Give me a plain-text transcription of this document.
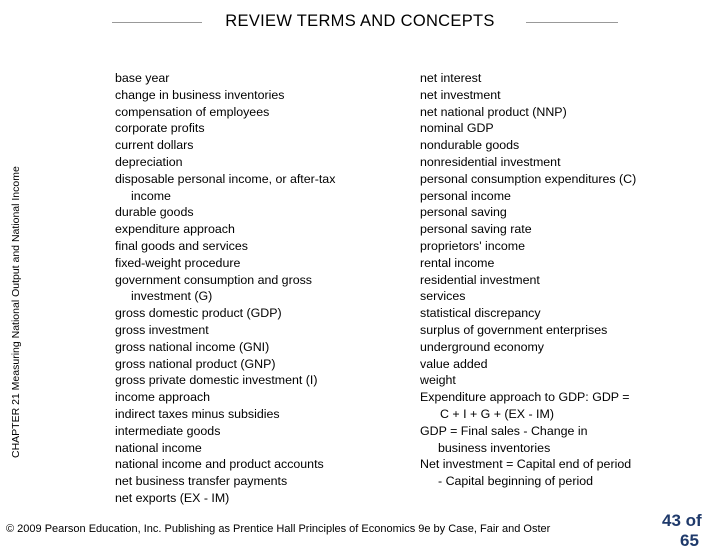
REVIEW TERMS AND CONCEPTS
CHAPTER 21 Measuring National Output and National Income
base year
change in business inventories
compensation of employees
corporate profits
current dollars
depreciation
disposable personal income, or after-tax
income
durable goods
expenditure approach
final goods and services
fixed-weight procedure
government consumption and gross
investment (G)
gross domestic product (GDP)
gross investment
gross national income (GNI)
gross national product (GNP)
gross private domestic investment (I)
income approach
indirect taxes minus subsidies
intermediate goods
national income
national income and product accounts
net business transfer payments
net exports (EX - IM)
net interest
net investment
net national product (NNP)
nominal GDP
nondurable goods
nonresidential investment
personal consumption expenditures (C)
personal income
personal saving
personal saving rate
proprietors' income
rental income
residential investment
services
statistical discrepancy
surplus of government enterprises
underground economy
value added
weight
Expenditure approach to GDP: GDP =
C + I + G + (EX - IM)
GDP = Final sales - Change in
business inventories
Net investment = Capital end of period
- Capital beginning of period
© 2009 Pearson Education, Inc. Publishing as Prentice Hall Principles of Economics 9e by Case, Fair and Oster	43 of
65
